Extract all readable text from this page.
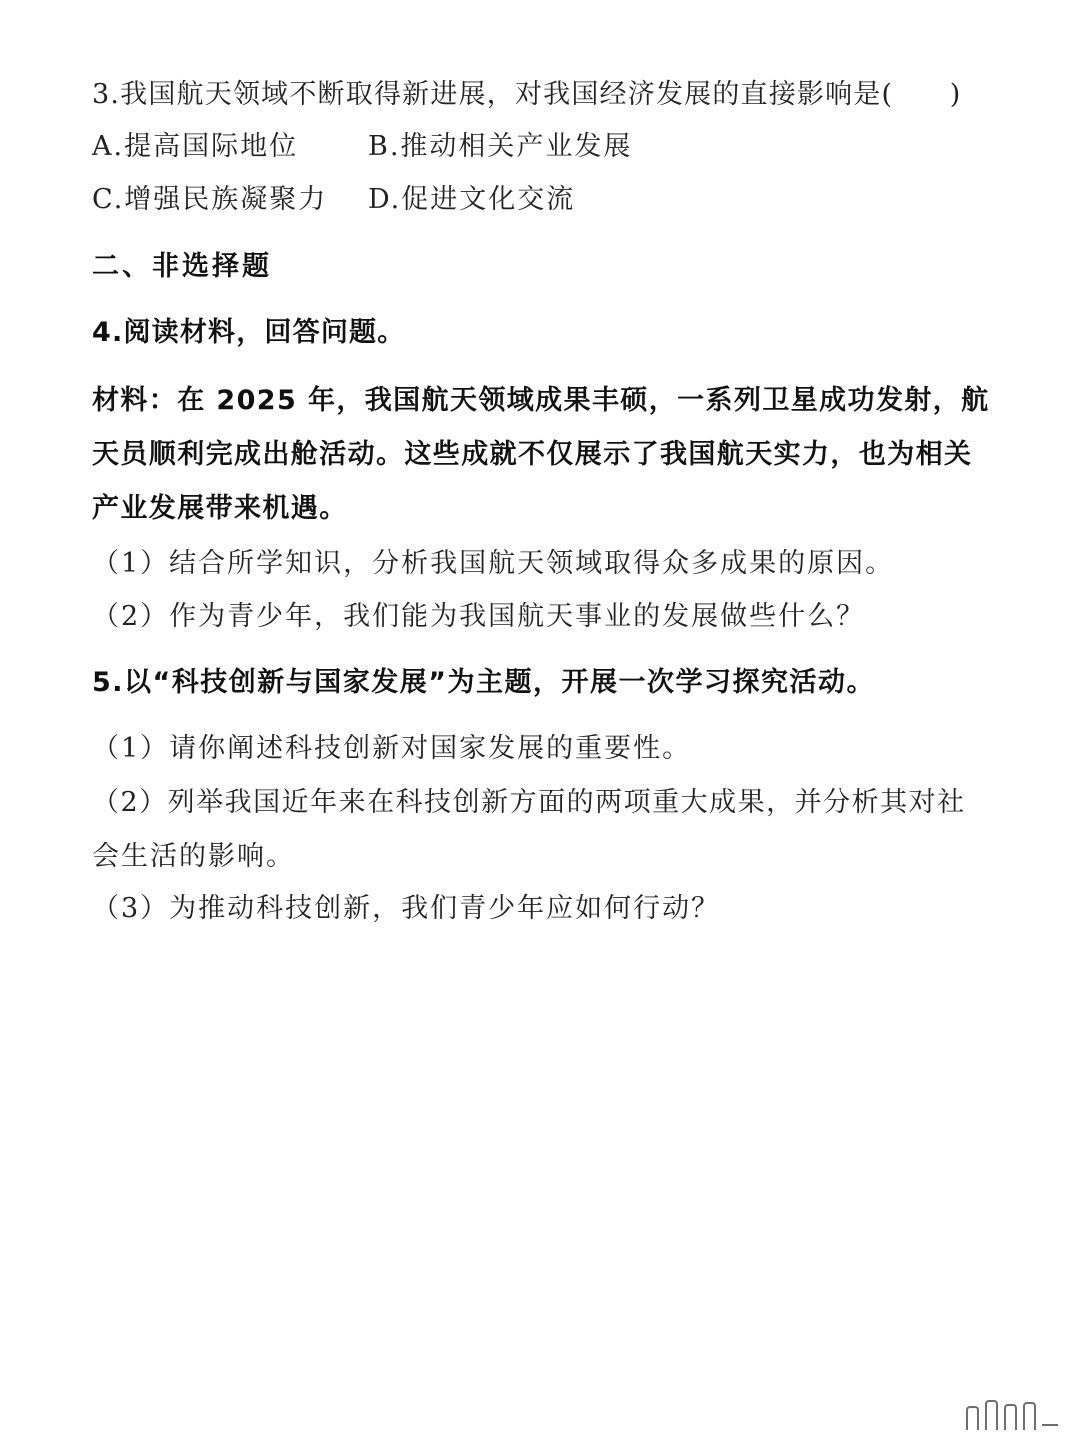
3.我国航天领域不断取得新进展，对我国经济发展的直接影响是(　　)
A.提高国际地位	B.推动相关产业发展
C.增强民族凝聚力 D.促进文化交流
二、非选择题
4.阅读材料，回答问题。
材料：在 2025 年，我国航天领域成果丰硕，一系列卫星成功发射，航
天员顺利完成出舱活动。这些成就不仅展示了我国航天实力，也为相关
产业发展带来机遇。
（1）结合所学知识，分析我国航天领域取得众多成果的原因。
（2）作为青少年，我们能为我国航天事业的发展做些什么？
5.以“科技创新与国家发展”为主题，开展一次学习探究活动。
（1）请你阐述科技创新对国家发展的重要性。
（2）列举我国近年来在科技创新方面的两项重大成果，并分析其对社
会生活的影响。
（3）为推动科技创新，我们青少年应如何行动？
